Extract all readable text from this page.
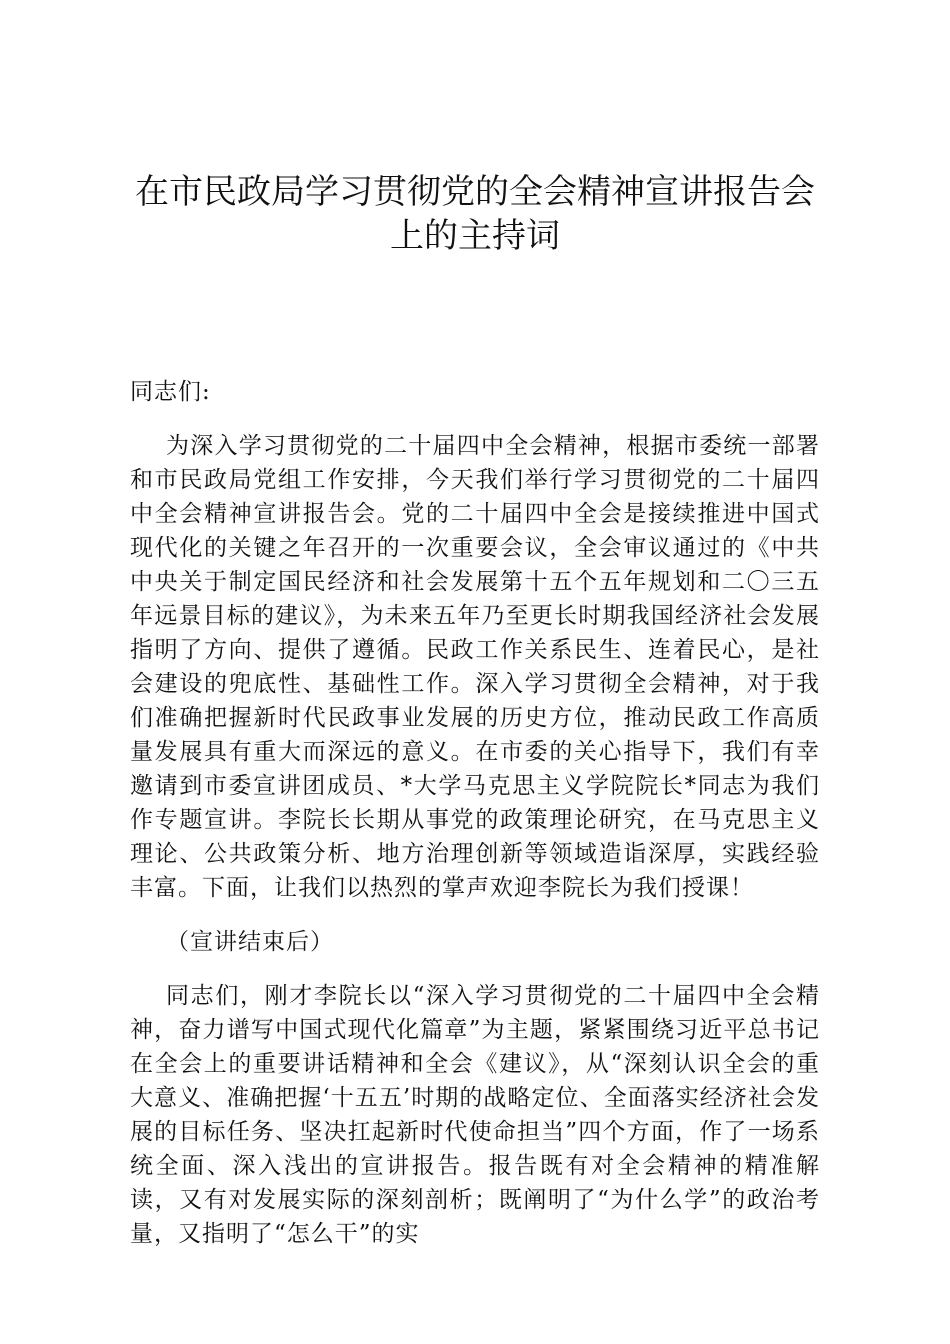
在市民政局学习贯彻党的全会精神宣讲报告会
上的主持词

同志们:

为深入学习贯彻党的二十届四中全会精神，根据市委统一部署和市民政局党组工作安排，今天我们举行学习贯彻党的二十届四中全会精神宣讲报告会。党的二十届四中全会是接续推进中国式现代化的关键之年召开的一次重要会议，全会审议通过的《中共中央关于制定国民经济和社会发展第十五个五年规划和二〇三五年远景目标的建议》，为未来五年乃至更长时期我国经济社会发展指明了方向、提供了遵循。民政工作关系民生、连着民心，是社会建设的兜底性、基础性工作。深入学习贯彻全会精神，对于我们准确把握新时代民政事业发展的历史方位，推动民政工作高质量发展具有重大而深远的意义。在市委的关心指导下，我们有幸邀请到市委宣讲团成员、*大学马克思主义学院院长*同志为我们作专题宣讲。李院长长期从事党的政策理论研究，在马克思主义理论、公共政策分析、地方治理创新等领域造诣深厚，实践经验丰富。下面，让我们以热烈的掌声欢迎李院长为我们授课！

（宣讲结束后）

同志们，刚才李院长以“深入学习贯彻党的二十届四中全会精神，奋力谱写中国式现代化篇章”为主题，紧紧围绕习近平总书记在全会上的重要讲话精神和全会《建议》，从“深刻认识全会的重大意义、准确把握‘十五五’时期的战略定位、全面落实经济社会发展的目标任务、坚决扛起新时代使命担当”四个方面，作了一场系统全面、深入浅出的宣讲报告。报告既有对全会精神的精准解读，又有对发展实际的深刻剖析；既阐明了“为什么学”的政治考量，又指明了“怎么干”的实
